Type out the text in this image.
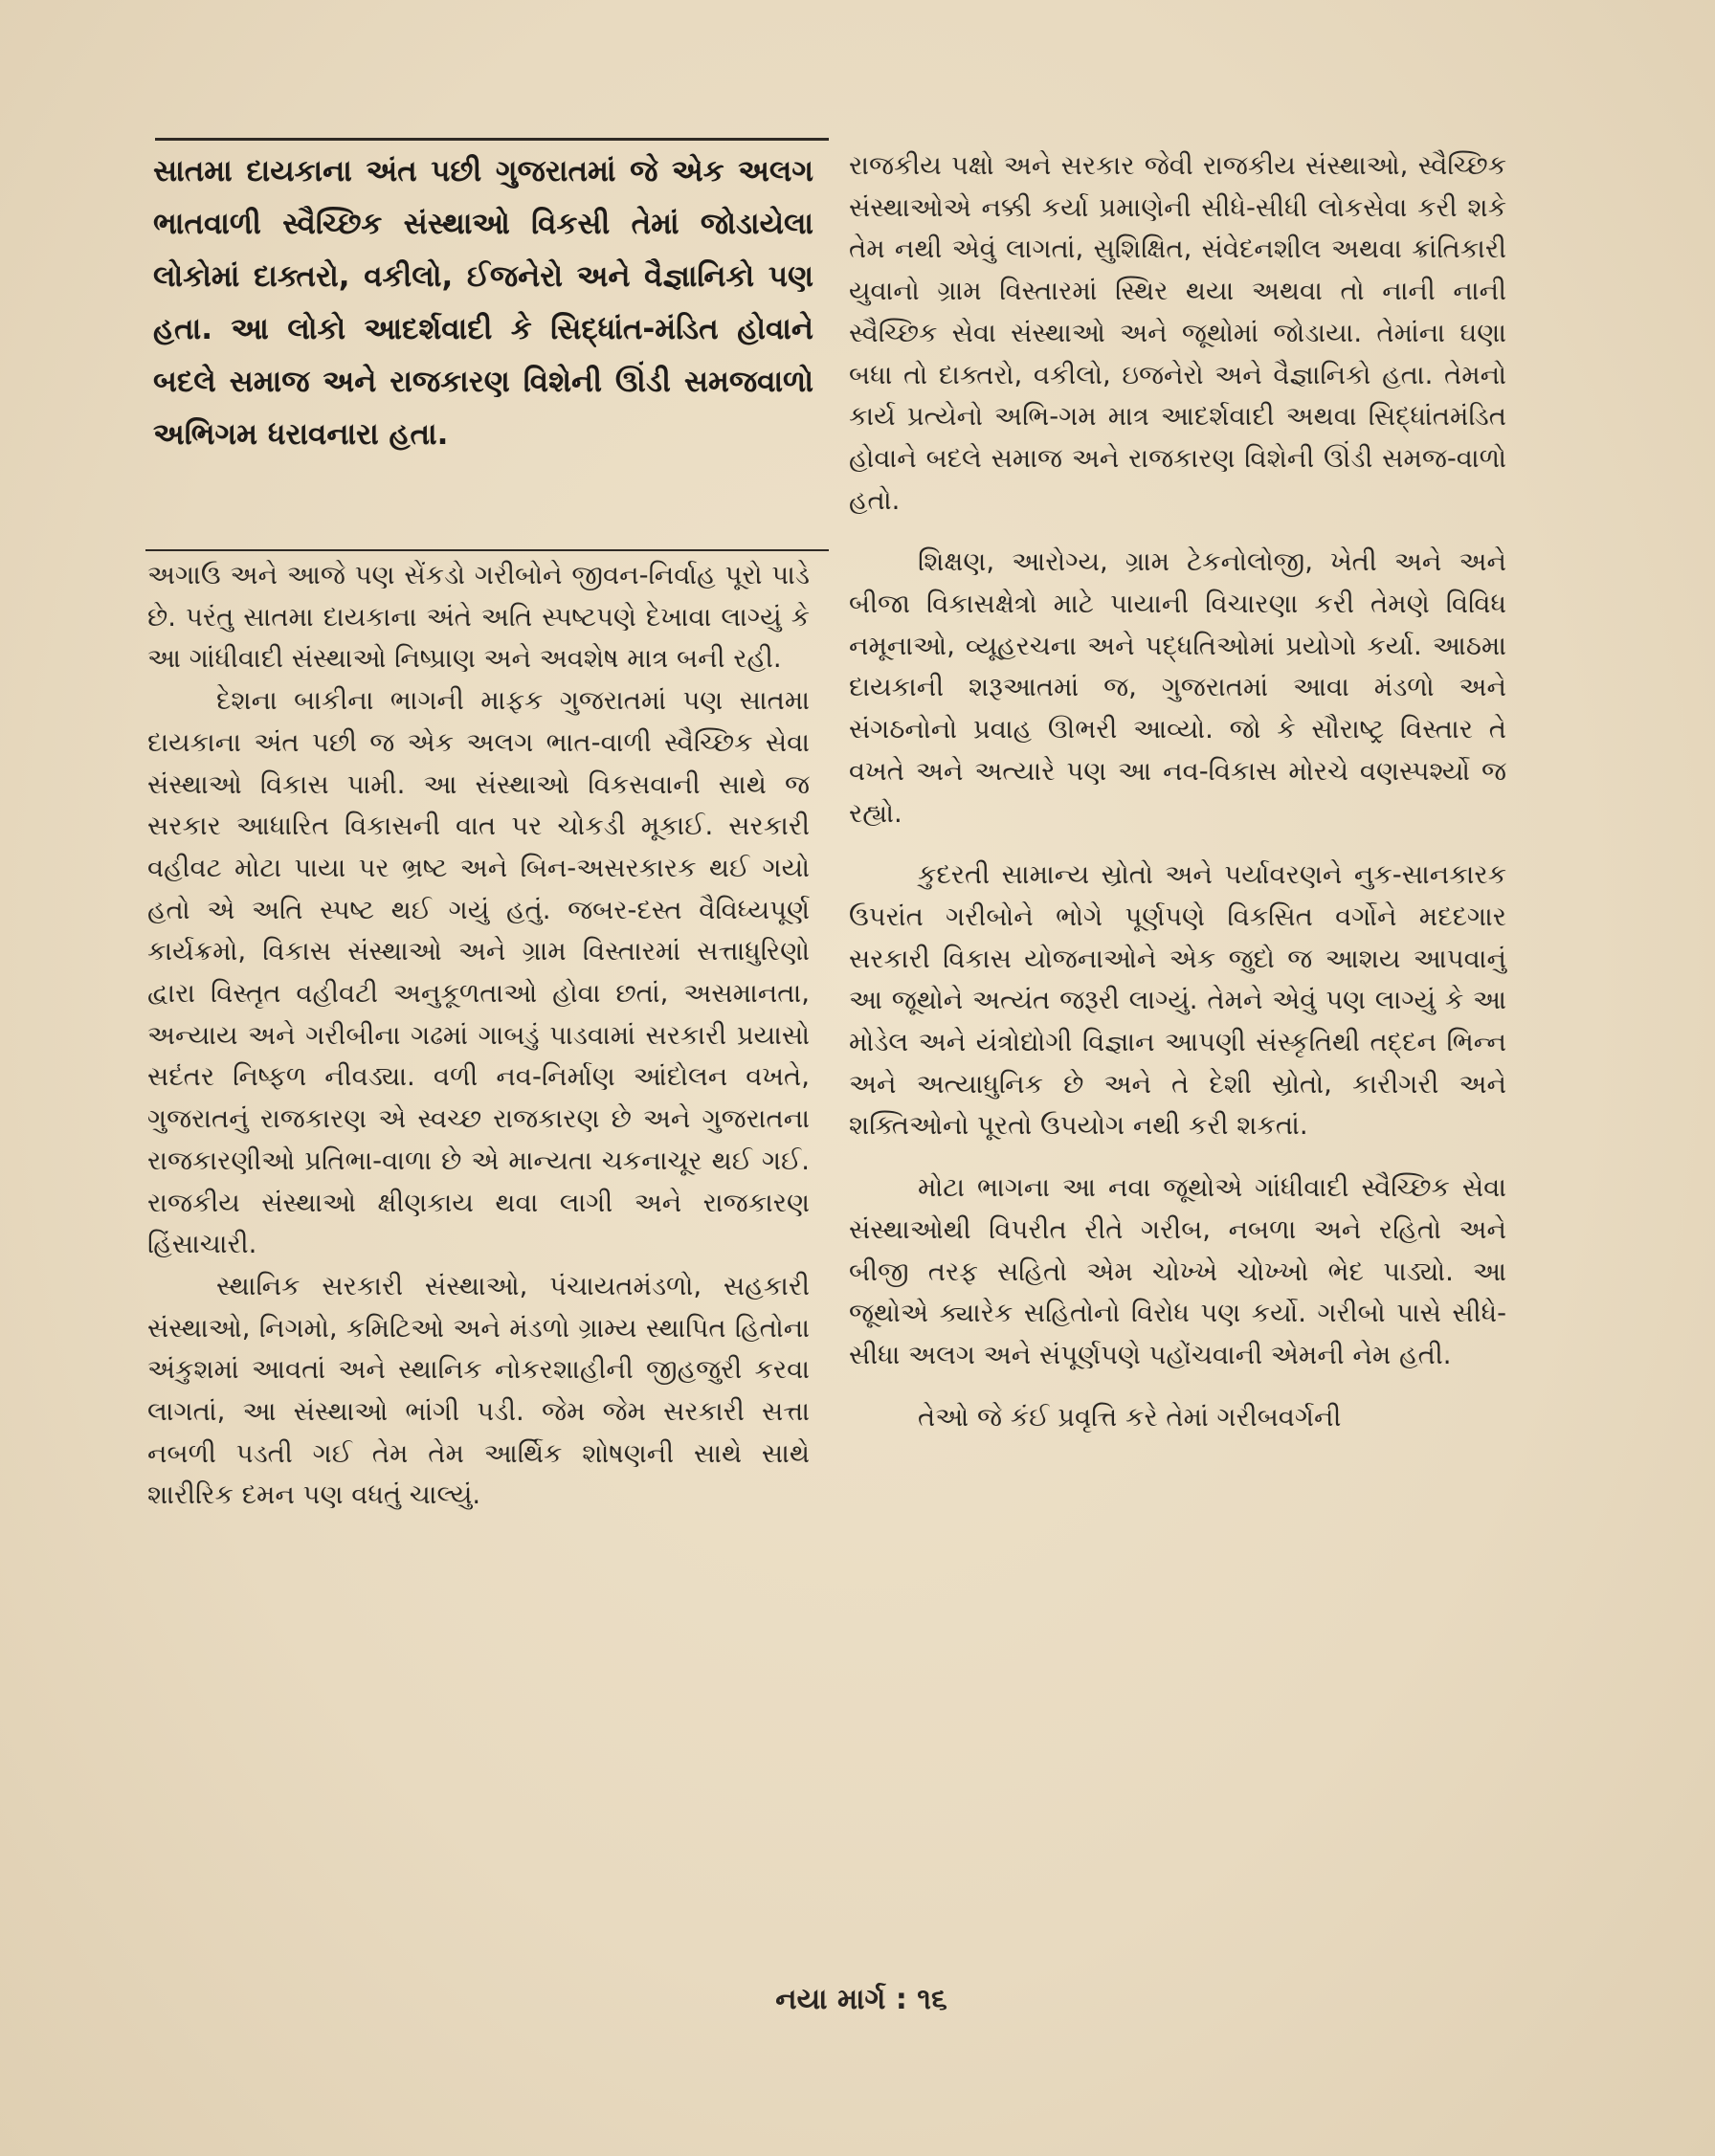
સાતમા દાયકાના અંત પછી ગુજરાતમાં જે એક અલગ ભાતવાળી સ્વૈચ્છિક સંસ્થાઓ વિકસી તેમાં જોડાયેલા લોકોમાં દાક્તરો, વકીલો, ઈજનેરો અને વૈજ્ઞાનિકો પણ હતા. આ લોકો આદર્શવાદી કે સિદ્ધાંત-મંડિત હોવાને બદલે સમાજ અને રાજકારણ વિશેની ઊંડી સમજવાળો અભિગમ ધરાવનારા હતા.

અગાઉ અને આજે પણ સેંકડો ગરીબોને જીવન-નિર્વાહ પૂરો પાડે છે. પરંતુ સાતમા દાયકાના અંતે અતિ સ્પષ્ટપણે દેખાવા લાગ્યું કે આ ગાંધીવાદી સંસ્થાઓ નિષ્પ્રાણ અને અવશેષ માત્ર બની રહી.

દેશના બાકીના ભાગની માફક ગુજરાતમાં પણ સાતમા દાયકાના અંત પછી જ એક અલગ ભાત-વાળી સ્વૈચ્છિક સેવા સંસ્થાઓ વિકાસ પામી. આ સંસ્થાઓ વિકસવાની સાથે જ સરકાર આધારિત વિકાસની વાત પર ચોકડી મૂકાઈ. સરકારી વહીવટ મોટા પાયા પર ભ્રષ્ટ અને બિન-અસરકારક થઈ ગયો હતો એ અતિ સ્પષ્ટ થઈ ગયું હતું. જબર-દસ્ત વૈવિધ્યપૂર્ણ કાર્યક્રમો, વિકાસ સંસ્થાઓ અને ગ્રામ વિસ્તારમાં સત્તાધુરિણો દ્વારા વિસ્તૃત વહીવટી અનુકૂળતાઓ હોવા છતાં, અસમાનતા, અન્યાય અને ગરીબીના ગઢમાં ગાબડું પાડવામાં સરકારી પ્રયાસો સદંતર નિષ્ફળ નીવડ્યા. વળી નવ-નિર્માણ આંદોલન વખતે, ગુજરાતનું રાજકારણ એ સ્વચ્છ રાજકારણ છે અને ગુજરાતના રાજકારણીઓ પ્રતિભા-વાળા છે એ માન્યતા ચકનાચૂર થઈ ગઈ. રાજકીય સંસ્થાઓ ક્ષીણકાય થવા લાગી અને રાજકારણ હિંસાચારી.

સ્થાનિક સરકારી સંસ્થાઓ, પંચાયતમંડળો, સહકારી સંસ્થાઓ, નિગમો, કમિટિઓ અને મંડળો ગ્રામ્ય સ્થાપિત હિતોના અંકુશમાં આવતાં અને સ્થાનિક નોકરશાહીની જીહજુરી કરવા લાગતાં, આ સંસ્થાઓ ભાંગી પડી. જેમ જેમ સરકારી સત્તા નબળી પડતી ગઈ તેમ તેમ આર્થિક શોષણની સાથે સાથે શારીરિક દમન પણ વધતું ચાલ્યું.

રાજકીય પક્ષો અને સરકાર જેવી રાજકીય સંસ્થાઓ, સ્વૈચ્છિક સંસ્થાઓએ નક્કી કર્યા પ્રમાણેની સીધે-સીધી લોકસેવા કરી શકે તેમ નથી એવું લાગતાં, સુશિક્ષિત, સંવેદનશીલ અથવા ક્રાંતિકારી યુવાનો ગ્રામ વિસ્તારમાં સ્થિર થયા અથવા તો નાની નાની સ્વૈચ્છિક સેવા સંસ્થાઓ અને જૂથોમાં જોડાયા. તેમાંના ઘણા બધા તો દાક્તરો, વકીલો, ઇજનેરો અને વૈજ્ઞાનિકો હતા. તેમનો કાર્ય પ્રત્યેનો અભિ-ગમ માત્ર આદર્શવાદી અથવા સિદ્ધાંતમંડિત હોવાને બદલે સમાજ અને રાજકારણ વિશેની ઊંડી સમજ-વાળો હતો.

શિક્ષણ, આરોગ્ય, ગ્રામ ટેકનોલોજી, ખેતી અને અને બીજા વિકાસક્ષેત્રો માટે પાયાની વિચારણા કરી તેમણે વિવિધ નમૂનાઓ, વ્યૂહરચના અને પદ્ધતિઓમાં પ્રયોગો કર્યા. આઠમા દાયકાની શરૂઆતમાં જ, ગુજરાતમાં આવા મંડળો અને સંગઠનોનો પ્રવાહ ઊભરી આવ્યો. જો કે સૌરાષ્ટ્ર વિસ્તાર તે વખતે અને અત્યારે પણ આ નવ-વિકાસ મોરચે વણસ્પર્શ્યો જ રહ્યો.

કુદરતી સામાન્ય સ્રોતો અને પર્યાવરણને નુક-સાનકારક ઉપરાંત ગરીબોને ભોગે પૂર્ણપણે વિકસિત વર્ગોને મદદગાર સરકારી વિકાસ યોજનાઓને એક જુદો જ આશય આપવાનું આ જૂથોને અત્યંત જરૂરી લાગ્યું. તેમને એવું પણ લાગ્યું કે આ મોડેલ અને યંત્રોદ્યોગી વિજ્ઞાન આપણી સંસ્કૃતિથી તદ્દન ભિન્ન અને અત્યાધુનિક છે અને તે દેશી સ્રોતો, કારીગરી અને શક્તિઓનો પૂરતો ઉપયોગ નથી કરી શકતાં.

મોટા ભાગના આ નવા જૂથોએ ગાંધીવાદી સ્વૈચ્છિક સેવા સંસ્થાઓથી વિપરીત રીતે ગરીબ, નબળા અને રહિતો અને બીજી તરફ સહિતો એમ ચોખ્ખે ચોખ્ખો ભેદ પાડ્યો. આ જૂથોએ ક્યારેક સહિતોનો વિરોધ પણ કર્યો. ગરીબો પાસે સીધે-સીધા અલગ અને સંપૂર્ણપણે પહોંચવાની એમની નેમ હતી.

તેઓ જે કંઈ પ્રવૃત્તિ કરે તેમાં ગરીબવર્ગની

નયા માર્ગ : ૧૬
